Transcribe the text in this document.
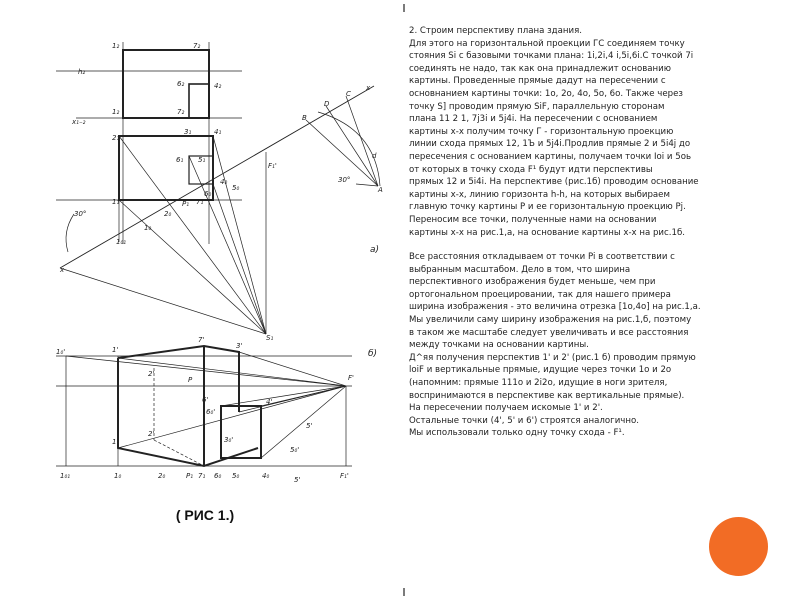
1₂	7₂
h₂
6₂	4₂
1₂	7₂
x₁₋₂
2₁
3₁	4₁
6₁ 5₁
1₁	7₁
F₁'
B
D
C
x
A
6₀
4₀
5₀
1₀
2₀
P₁
1₀₁
x
S₁
d
30°
30°
а)
1₀'	1'
7'
3'
2'
P	F'
6'	4'
5'
2'
1'
6₀'
3₀'
5₀'
5'
1₀₁	1₀	2₀	P₁ 7₁ 6₀ 5₀	4₀	F₁'
б)
( РИС 1.)

2. Строим перспективу плана здания.

Для этого на горизонтальной проекции ГС соединяем точку
стояния Si с базовыми точками плана: 1i,2i,4 i,5i,6i.С точкой 7i
соединять не надо, так как она принадлежит основанию
картины. Проведенные прямые дадут на пересечении с
основнанием картины точки: 1о, 2о, 4о, 5о, 6о. Также через
точку S] проводим прямую SiF, параллельную сторонам
плана 11 2 1, 7j3i и 5j4i. На пересечении с основанием
картины х-х получим точку Г - горизонтальную проекцию
линии схода прямых 12, 1Ъ и 5j4i.Продлив прямые 2 и 5i4j до
пересечения с основанием картины, получаем точки Ioi и 5оь
от которых в точку схода F¹ будут идти перспективы
прямых 12 и 5i4i. На перспективе (рис.1б) проводим основание
картины х-х, линию горизонта h-h, на которых выбираем
главную точку картины P и ее горизонтальную проекцию Pj.
Переносим все точки, полученные нами на основании
картины х-х на рис.1,а, на основание картины х-х на рис.1б.

Все расстояния откладываем от точки Pi в соответствии с
выбранным масштабом. Дело в том, что ширина
перспективного изображения будет меньше, чем при
ортогональном проецировании, так для нашего примера
ширина изображения - это величина отрезка [1о,4о] на рис.1,а.
Мы увеличили саму ширину изображения на рис.1,б, поэтому
в таком же масштабе следует увеличивать и все расстояния
между точками на основании картины.
Д^яя получения перспектив 1' и 2' (рис.1 б) проводим прямую
loiF и вертикальные прямые, идущие через точки 1o и 2o
(напомним: прямые 111o и 2i2o, идущие в ноги зрителя,
воспринимаются в перспективе как вертикальные прямые).
На пересечении получаем искомые 1' и 2'.
Остальные точки (4', 5' и 6') строятся аналогично.
Мы использовали только одну точку схода - F¹.
